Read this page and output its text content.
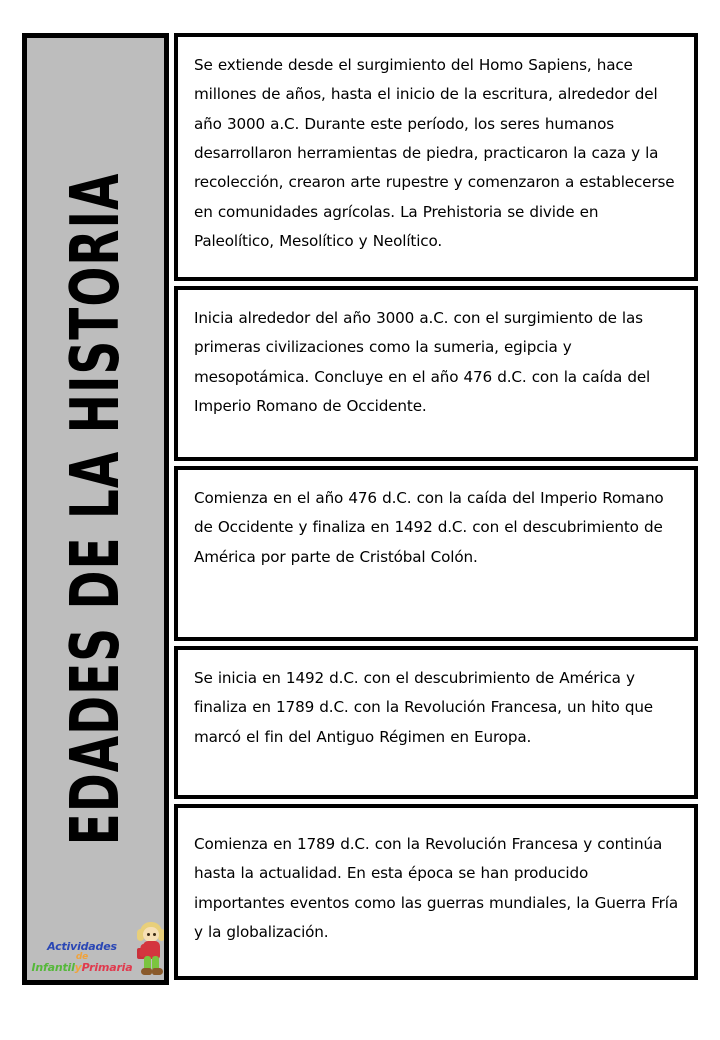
EDADES DE LA HISTORIA
Actividades
de
InfantilyPrimaria

Se extiende desde el surgimiento del Homo Sapiens, hace millones de años, hasta el inicio de la escritura, alrededor del año 3000 a.C. Durante este período, los seres humanos desarrollaron herramientas de piedra, practicaron la caza y la recolección, crearon arte rupestre y comenzaron a establecerse en comunidades agrícolas. La Prehistoria se divide en Paleolítico, Mesolítico y Neolítico.

Inicia alrededor del año 3000 a.C. con el surgimiento de las primeras civilizaciones como la sumeria, egipcia y mesopotámica. Concluye en el año 476 d.C. con la caída del Imperio Romano de Occidente.

Comienza en el año 476 d.C. con la caída del Imperio Romano de Occidente y finaliza en 1492 d.C. con el descubrimiento de América por parte de Cristóbal Colón.

Se inicia en 1492 d.C. con el descubrimiento de América y finaliza en 1789 d.C. con la Revolución Francesa, un hito que marcó el fin del Antiguo Régimen en Europa.

Comienza en 1789 d.C. con la Revolución Francesa y continúa hasta la actualidad. En esta época se han producido importantes eventos como las guerras mundiales, la Guerra Fría y la globalización.
